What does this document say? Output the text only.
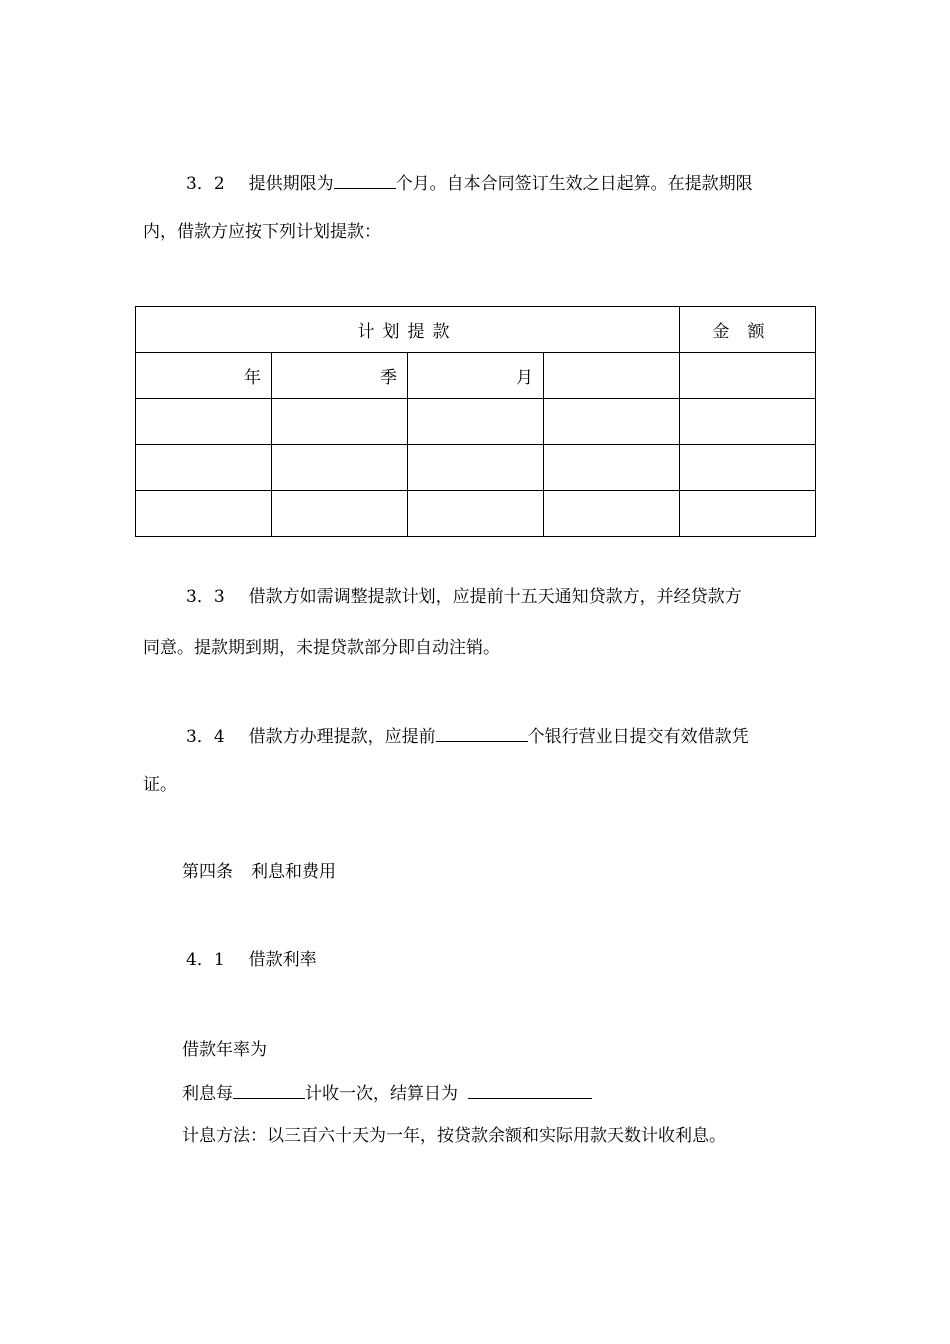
3．2 提供期限为	个月。自本合同签订生效之日起算。在提款期限
内，借款方应按下列计划提款：
计划提款				金额
年	季	月		

3．3 借款方如需调整提款计划，应提前十五天通知贷款方，并经贷款方
同意。提款期到期，未提贷款部分即自动注销。
3．4 借款方办理提款，应提前	个银行营业日提交有效借款凭
证。
第四条 利息和费用
4．1 借款利率
借款年率为
利息每	计收一次，结算日为
计息方法：以三百六十天为一年，按贷款余额和实际用款天数计收利息。
